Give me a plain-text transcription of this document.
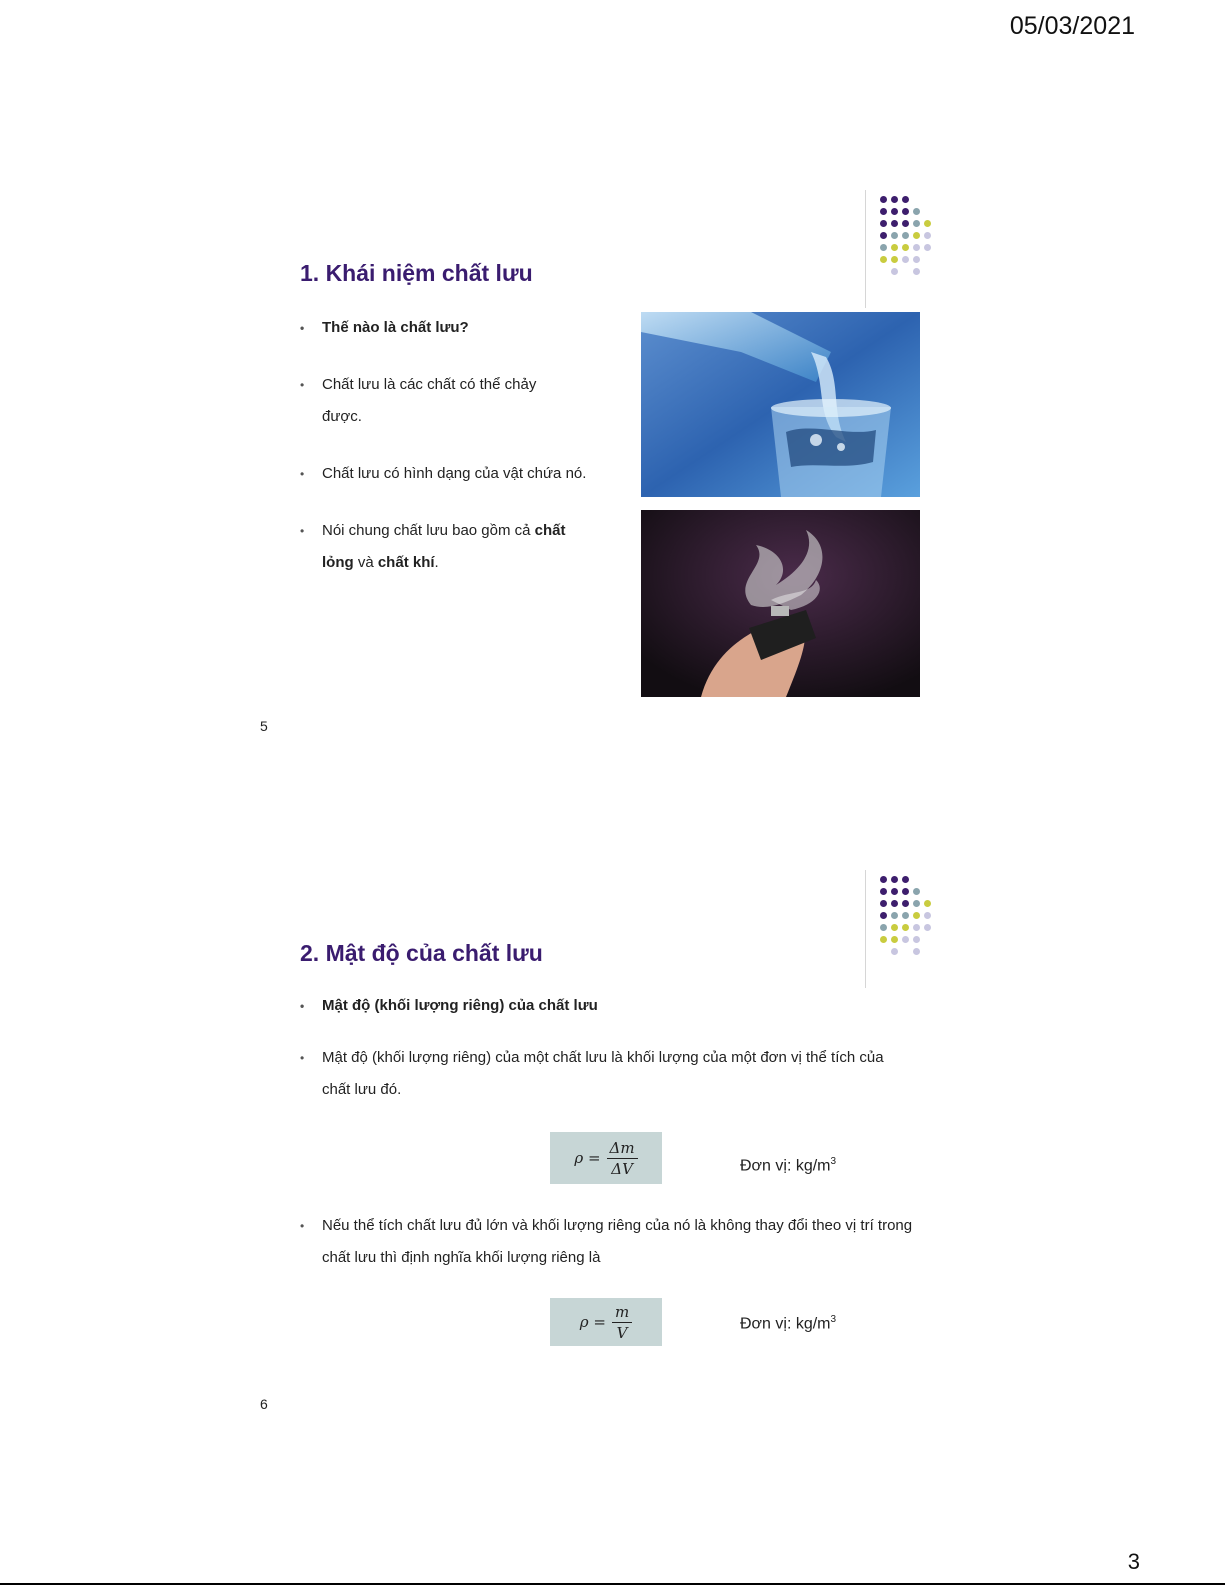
05/03/2021
1. Khái niệm chất lưu
• Thế nào là chất lưu?
• Chất lưu là các chất có thể chảy được.
• Chất lưu có hình dạng của vật chứa nó.
• Nói chung chất lưu bao gồm cả chất lỏng và chất khí.
5
2. Mật độ của chất lưu
• Mật độ (khối lượng riêng) của chất lưu
• Mật độ (khối lượng riêng) của một chất lưu là khối lượng của một đơn vị thể tích của chất lưu đó.
$\rho = \frac{\Delta m}{\Delta V}$	Đơn vị: $kg/m^3$
• Nếu thể tích chất lưu đủ lớn và khối lượng riêng của nó là không thay đổi theo vị trí trong chất lưu thì định nghĩa khối lượng riêng là
$\rho = \frac{m}{V}$	Đơn vị: $kg/m^3$
6
3
